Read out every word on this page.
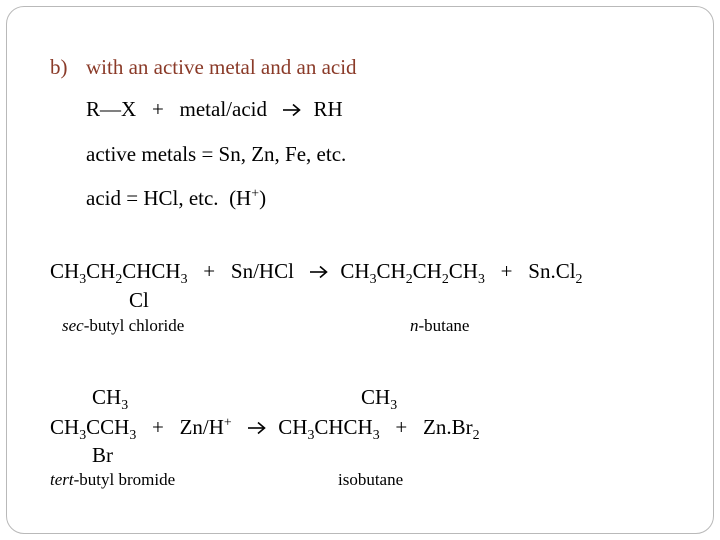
b) with an active metal and an acid
R—X + metal/acid RH
active metals = Sn, Zn, Fe, etc.
acid = HCl, etc. (H+)
$CH_3CH_2CHCH_3 + Sn/HCl$ $CH_3CH_2CH_2CH_3 + Sn.Cl_2$
Cl
sec-butyl chloride	n-butane
$CH_3$	$CH_3$
$CH_3CCH_3 + Zn/H^+$ $CH_3CHCH_3 + Zn.Br_2$
Br
tert-butyl bromide	isobutane
